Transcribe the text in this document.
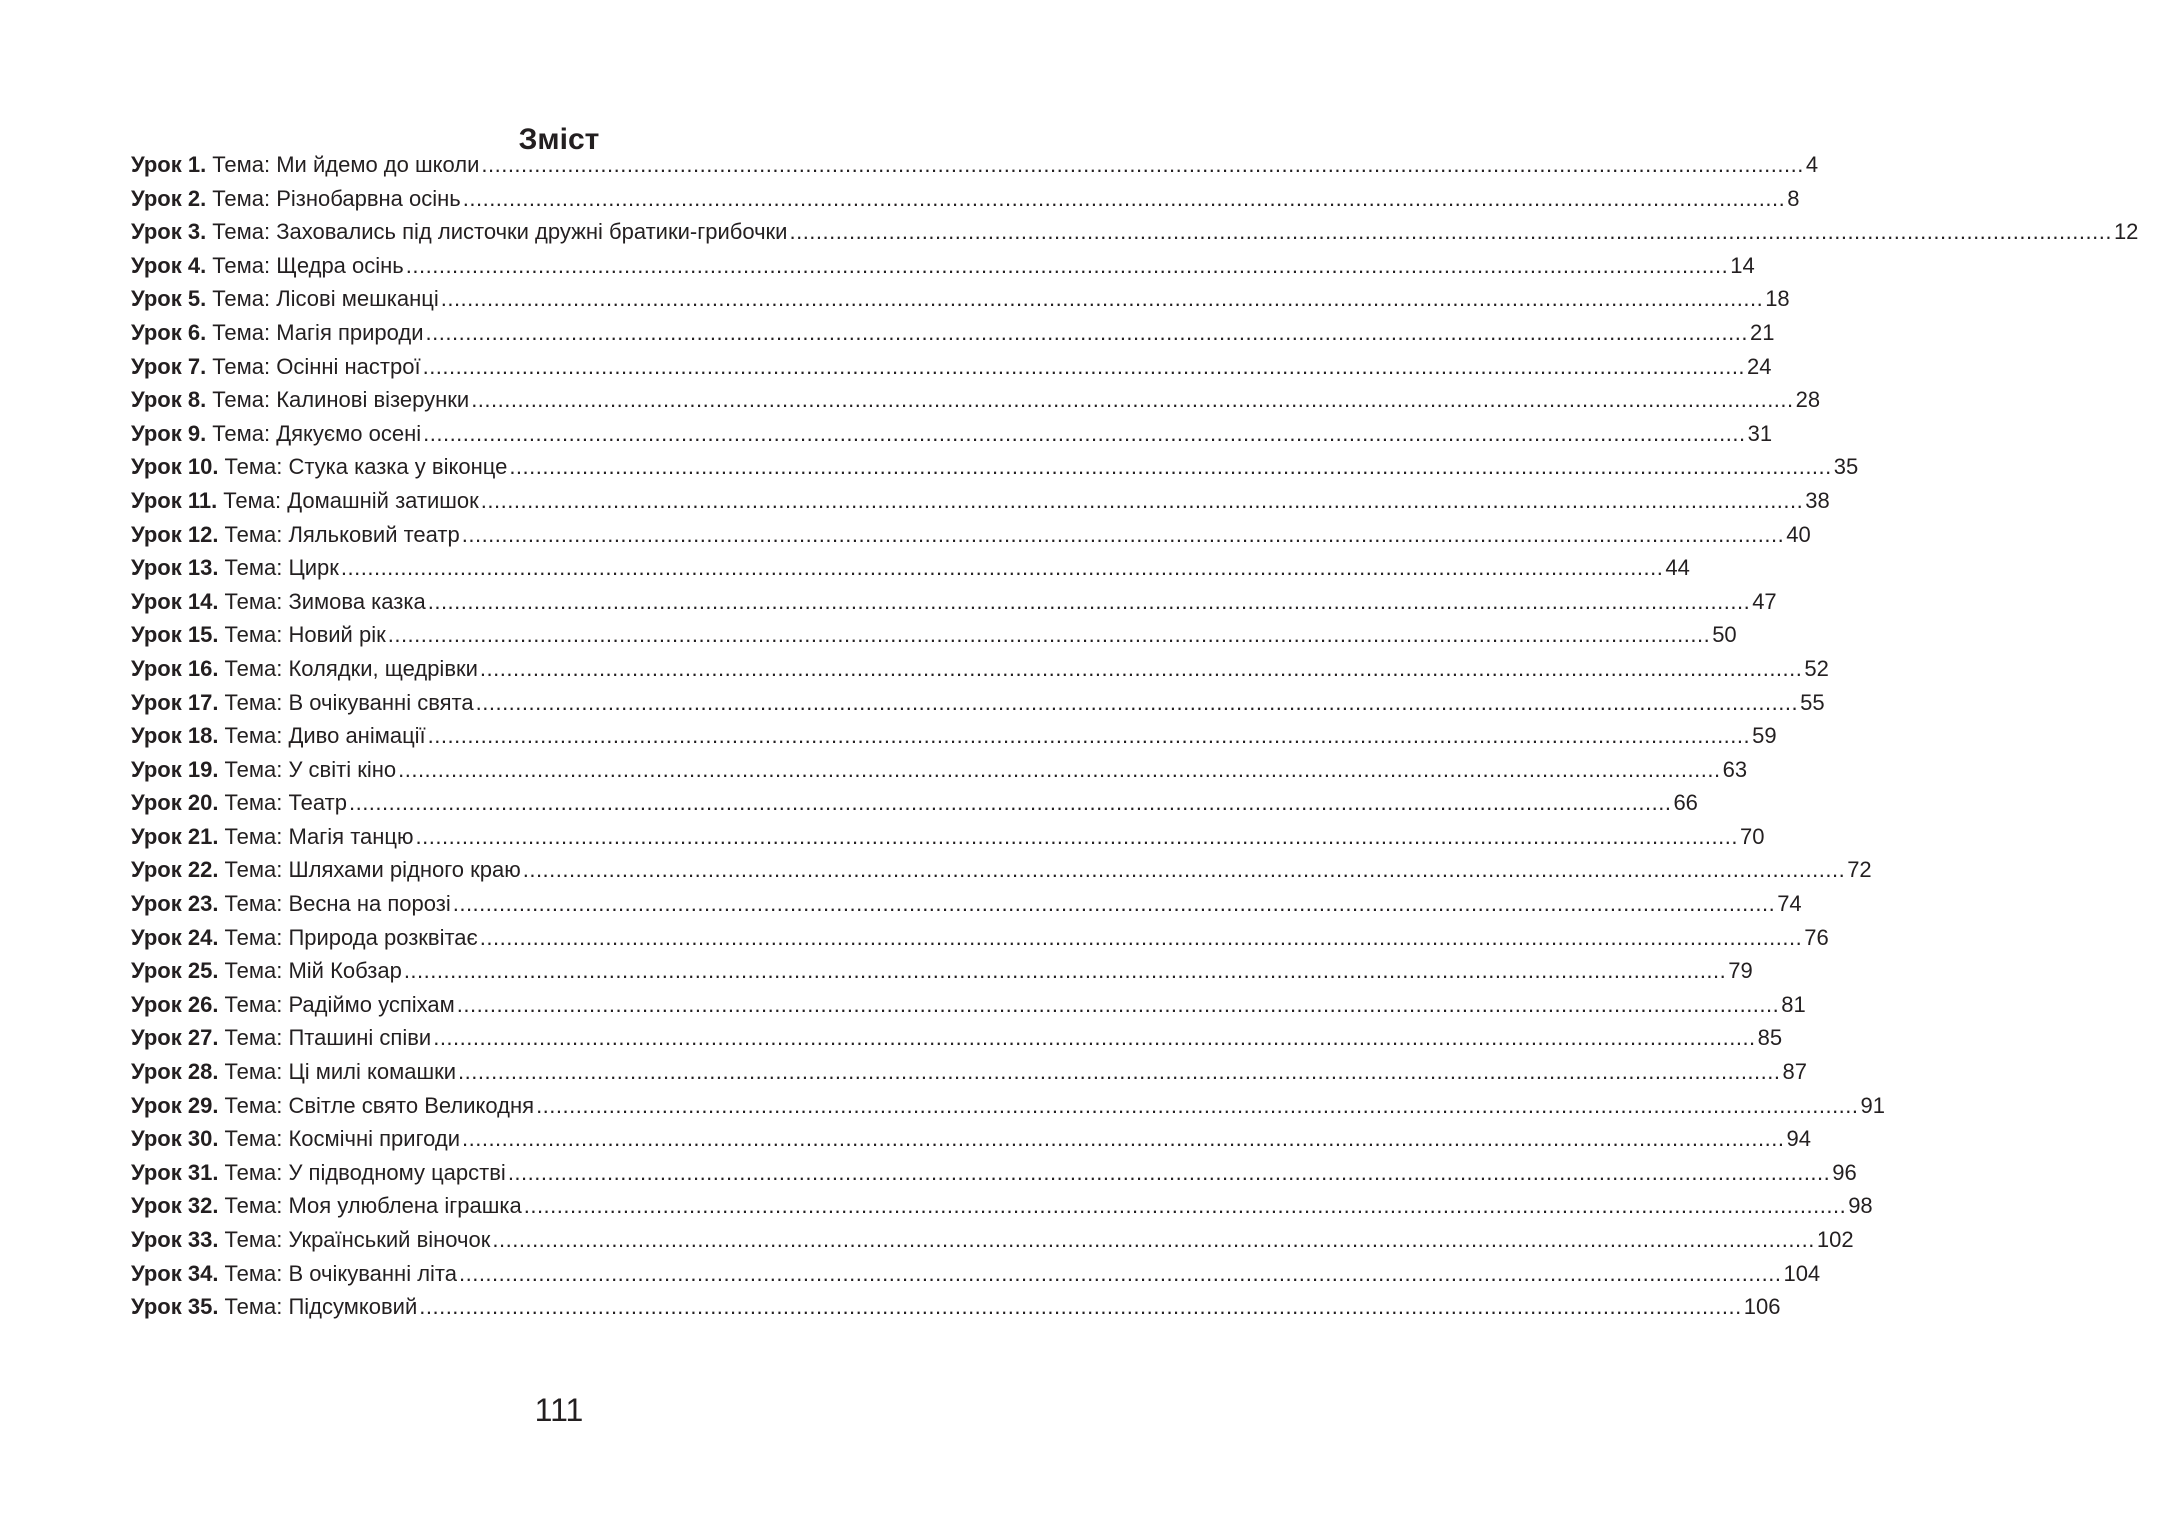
Зміст
Урок 1. Тема: Ми йдемо до школи ........................................................................................................................................................................................................ 4
Урок 2. Тема: Різнобарвна осінь ........................................................................................................................................................................................................ 8
Урок 3. Тема: Заховались під листочки дружні братики-грибочки ........................................................................................................................................................................................................ 12
Урок 4. Тема: Щедра осінь ........................................................................................................................................................................................................ 14
Урок 5. Тема: Лісові мешканці ........................................................................................................................................................................................................ 18
Урок 6. Тема: Магія природи ........................................................................................................................................................................................................ 21
Урок 7. Тема: Осінні настрої ........................................................................................................................................................................................................ 24
Урок 8. Тема: Калинові візерунки ........................................................................................................................................................................................................ 28
Урок 9. Тема: Дякуємо осені ........................................................................................................................................................................................................ 31
Урок 10. Тема: Стука казка у віконце ........................................................................................................................................................................................................ 35
Урок 11. Тема: Домашній затишок ........................................................................................................................................................................................................ 38
Урок 12. Тема: Ляльковий театр ........................................................................................................................................................................................................ 40
Урок 13. Тема: Цирк ........................................................................................................................................................................................................ 44
Урок 14. Тема: Зимова казка ........................................................................................................................................................................................................ 47
Урок 15. Тема: Новий рік ........................................................................................................................................................................................................ 50
Урок 16. Тема: Колядки, щедрівки ........................................................................................................................................................................................................ 52
Урок 17. Тема: В очікуванні свята ........................................................................................................................................................................................................ 55
Урок 18. Тема: Диво анімації ........................................................................................................................................................................................................ 59
Урок 19. Тема: У світі кіно ........................................................................................................................................................................................................ 63
Урок 20. Тема: Театр ........................................................................................................................................................................................................ 66
Урок 21. Тема: Магія танцю ........................................................................................................................................................................................................ 70
Урок 22. Тема: Шляхами рідного краю ........................................................................................................................................................................................................ 72
Урок 23. Тема: Весна на порозі ........................................................................................................................................................................................................ 74
Урок 24. Тема: Природа розквітає ........................................................................................................................................................................................................ 76
Урок 25. Тема: Мій Кобзар ........................................................................................................................................................................................................ 79
Урок 26. Тема: Радіймо успіхам ........................................................................................................................................................................................................ 81
Урок 27. Тема: Пташині співи ........................................................................................................................................................................................................ 85
Урок 28. Тема: Ці милі комашки ........................................................................................................................................................................................................ 87
Урок 29. Тема: Світле свято Великодня ........................................................................................................................................................................................................ 91
Урок 30. Тема: Космічні пригоди ........................................................................................................................................................................................................ 94
Урок 31. Тема: У підводному царстві ........................................................................................................................................................................................................ 96
Урок 32. Тема: Моя улюблена іграшка ........................................................................................................................................................................................................ 98
Урок 33. Тема: Український віночок ........................................................................................................................................................................................................ 102
Урок 34. Тема: В очікуванні літа ........................................................................................................................................................................................................ 104
Урок 35. Тема: Підсумковий ........................................................................................................................................................................................................ 106
111
